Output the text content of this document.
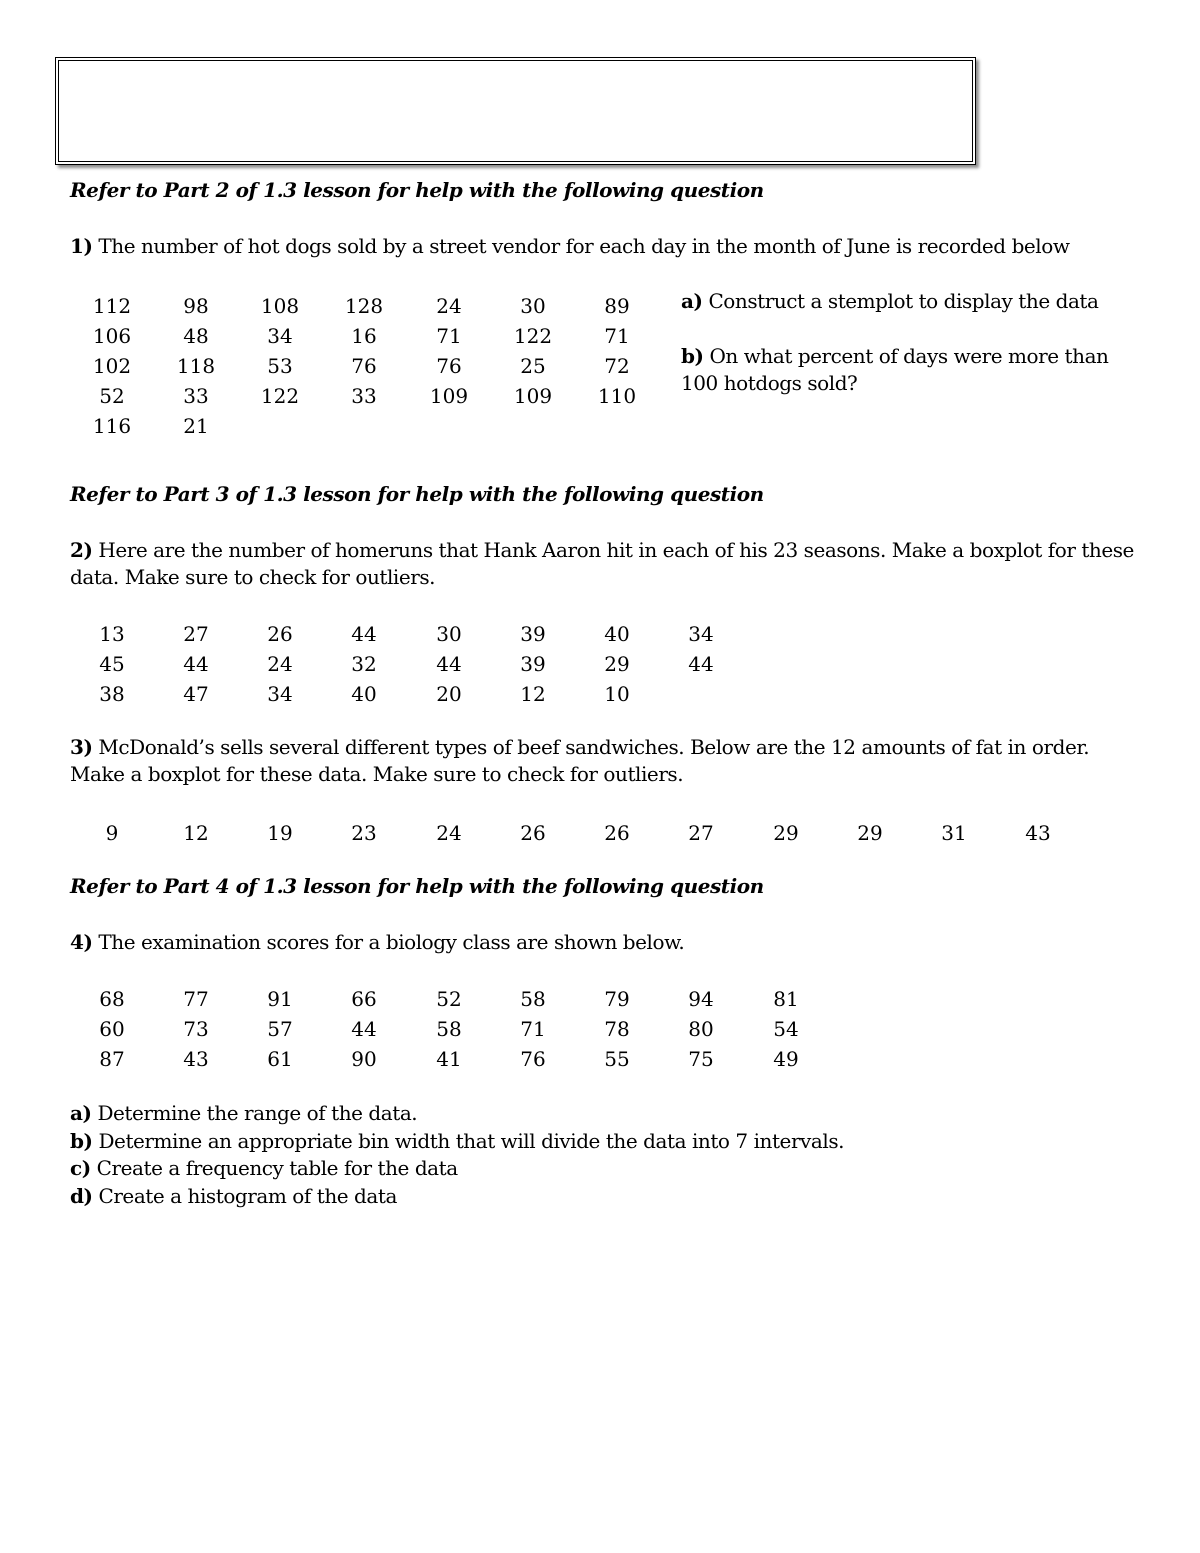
Refer to Part 2 of 1.3 lesson for help with the following question

1) The number of hot dogs sold by a street vendor for each day in the month of June is recorded below

112	98	108	128	24	30	89
106	48	34	16	71	122	71
102	118	53	76	76	25	72
52	33	122	33	109	109	110
116	21

a) Construct a stemplot to display the data

b) On what percent of days were more than 100 hotdogs sold?

Refer to Part 3 of 1.3 lesson for help with the following question

2) Here are the number of homeruns that Hank Aaron hit in each of his 23 seasons. Make a boxplot for these data. Make sure to check for outliers.

13	27	26	44	30	39	40	34
45	44	24	32	44	39	29	44
38	47	34	40	20	12	10

3) McDonald’s sells several different types of beef sandwiches. Below are the 12 amounts of fat in order. Make a boxplot for these data. Make sure to check for outliers.

9	12	19	23	24	26	26	27	29	29	31	43

Refer to Part 4 of 1.3 lesson for help with the following question

4) The examination scores for a biology class are shown below.

68	77	91	66	52	58	79	94	81
60	73	57	44	58	71	78	80	54
87	43	61	90	41	76	55	75	49
a) Determine the range of the data.
b) Determine an appropriate bin width that will divide the data into 7 intervals.
c) Create a frequency table for the data
d) Create a histogram of the data
